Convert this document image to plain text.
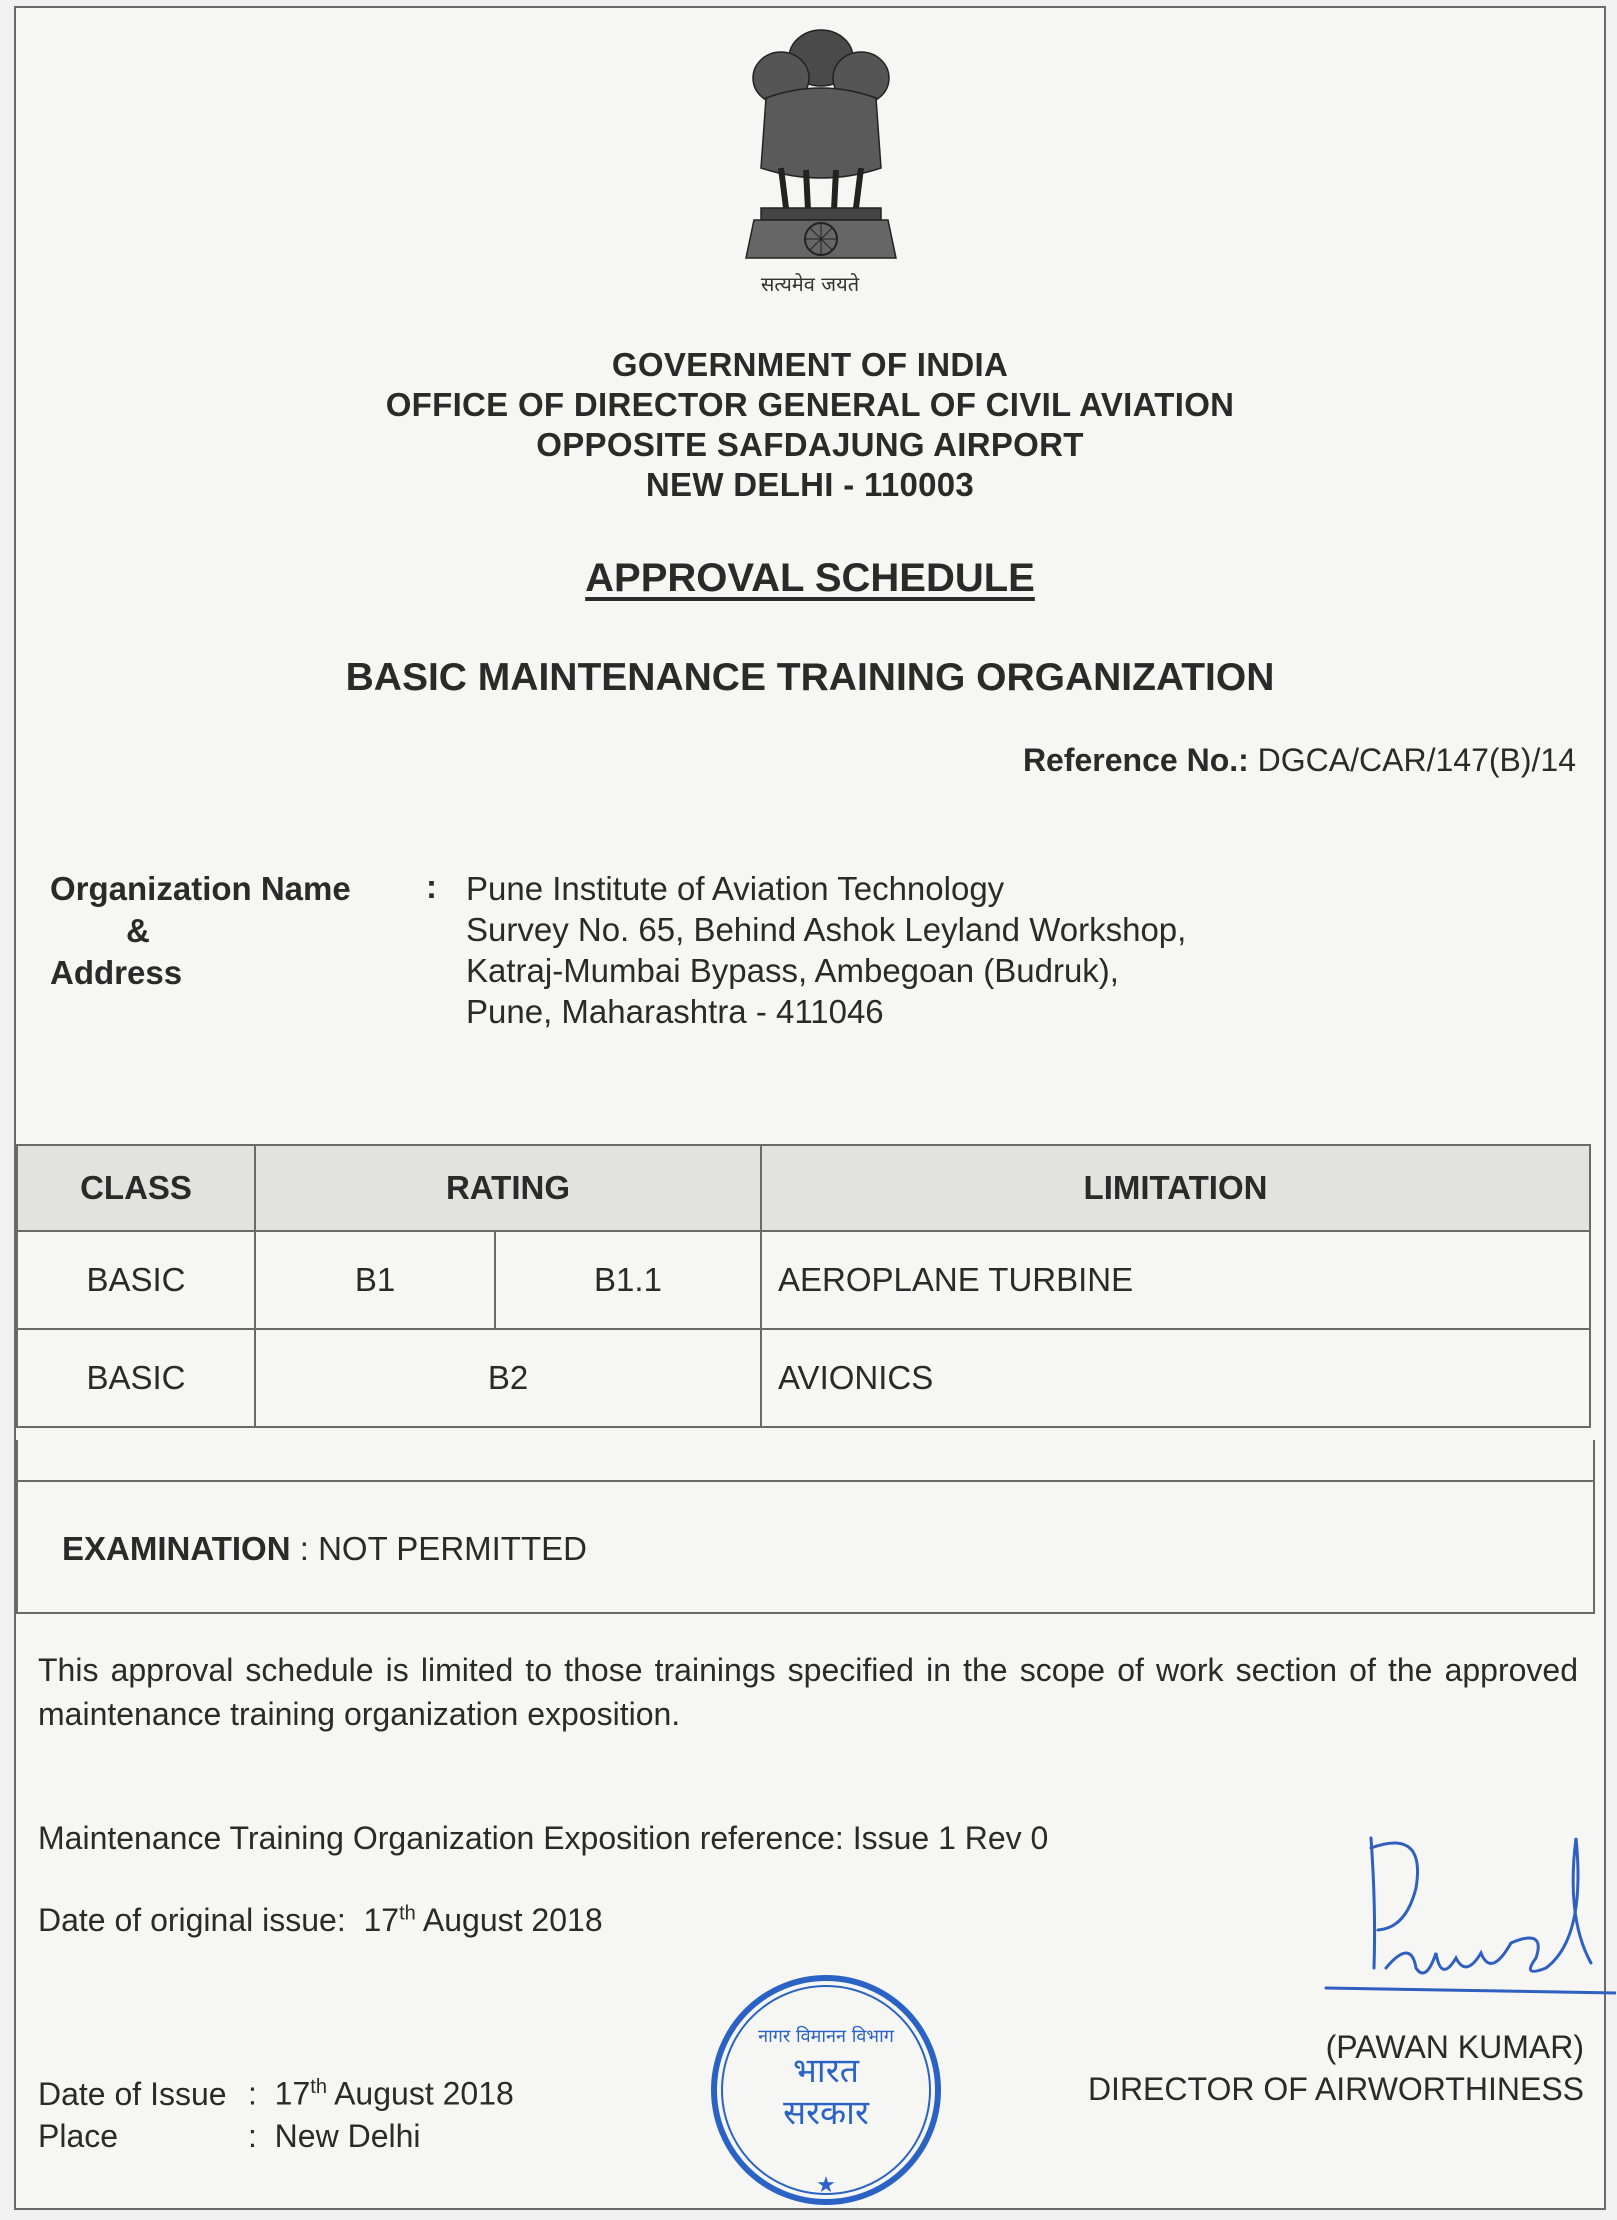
सत्यमेव जयते
GOVERNMENT OF INDIA
OFFICE OF DIRECTOR GENERAL OF CIVIL AVIATION
OPPOSITE SAFDAJUNG AIRPORT
NEW DELHI - 110003
APPROVAL SCHEDULE
BASIC MAINTENANCE TRAINING ORGANIZATION
Reference No.: DGCA/CAR/147(B)/14
Organization Name
&
Address
: Pune Institute of Aviation Technology
Survey No. 65, Behind Ashok Leyland Workshop,
Katraj-Mumbai Bypass, Ambegoan (Budruk),
Pune, Maharashtra - 411046
CLASS	RATING		LIMITATION
BASIC	B1	B1.1	AEROPLANE TURBINE
BASIC	B2		AVIONICS
EXAMINATION : NOT PERMITTED
This approval schedule is limited to those trainings specified in the scope of work section of the approved maintenance training organization exposition.
Maintenance Training Organization Exposition reference: Issue 1 Rev 0
Date of original issue: 17th August 2018
Date of Issue : 17th August 2018
Place	: New Delhi
भारत
सरकार
नागर विमानन विभाग
★
(PAWAN KUMAR)
DIRECTOR OF AIRWORTHINESS
